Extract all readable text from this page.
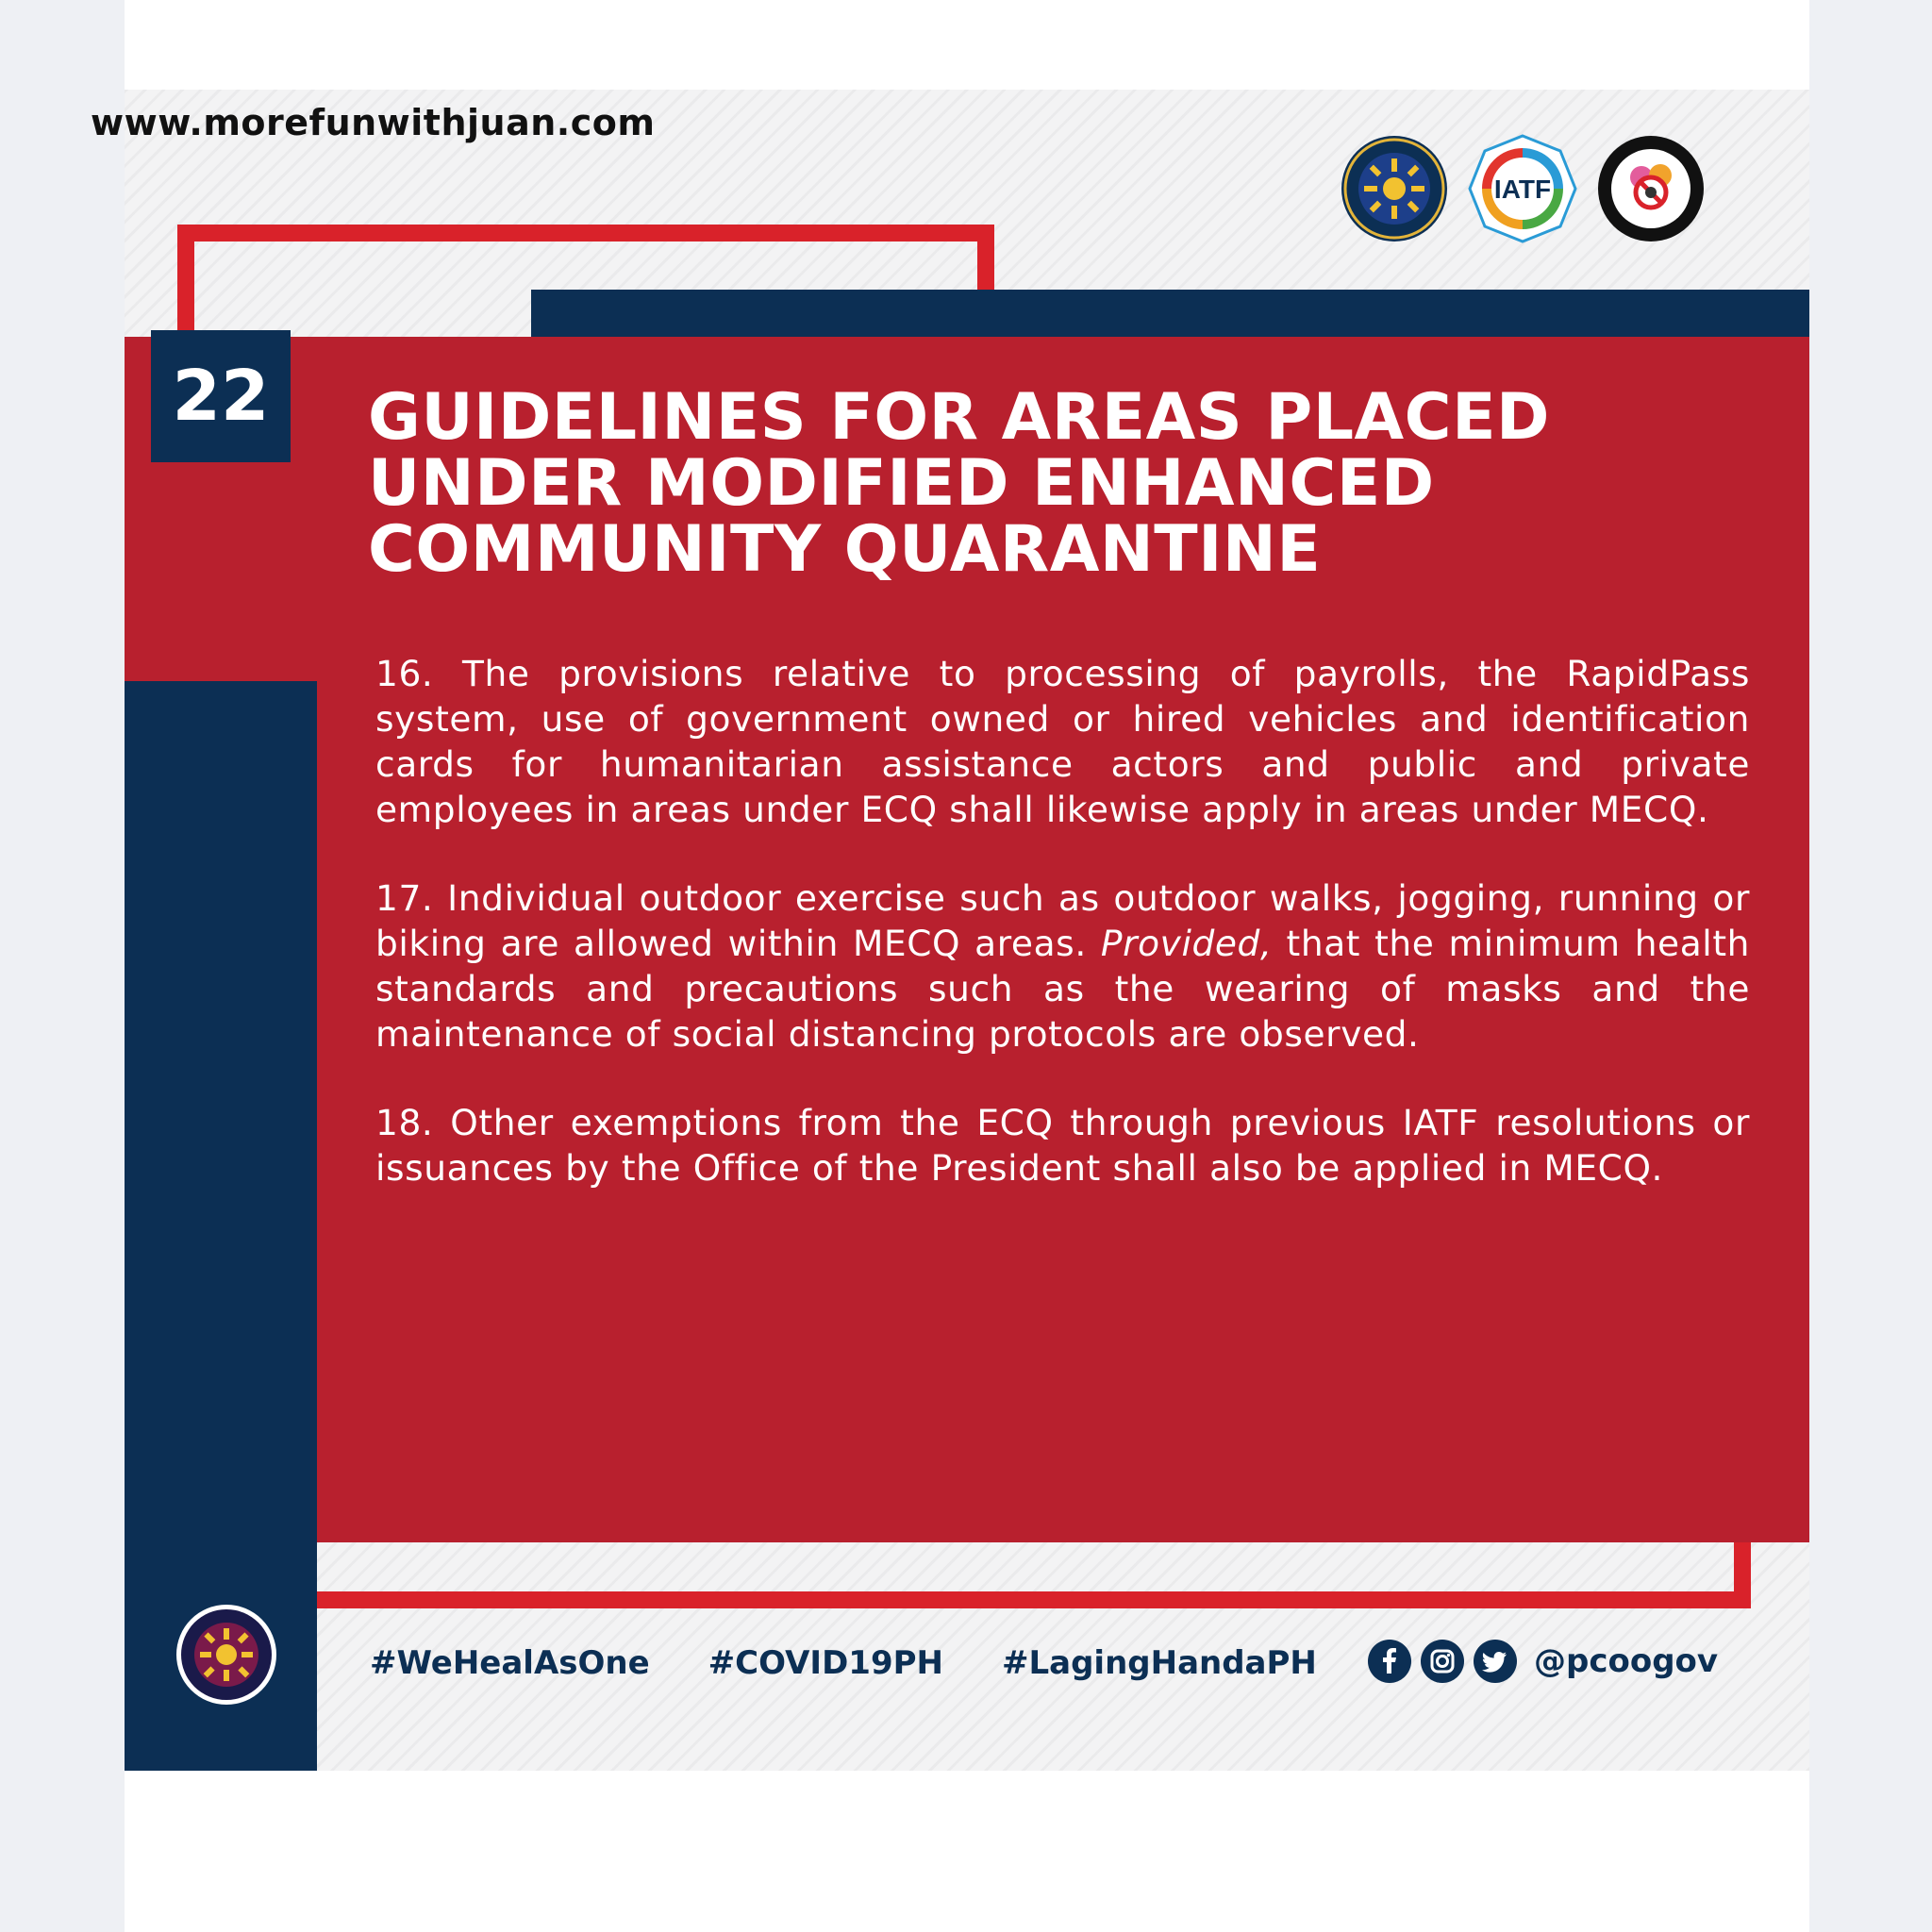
www.morefunwithjuan.com
IATF
22	GUIDELINES FOR AREAS PLACED
UNDER MODIFIED ENHANCED
COMMUNITY QUARANTINE

16. The provisions relative to processing of payrolls, the RapidPass system, use of government owned or hired vehicles and identification cards for humanitarian assistance actors and public and private employees in areas under ECQ shall likewise apply in areas under MECQ.

17. Individual outdoor exercise such as outdoor walks, jogging, running or biking are allowed within MECQ areas. Provided, that the minimum health standards and precautions such as the wearing of masks and the maintenance of social distancing protocols are observed.

18. Other exemptions from the ECQ through previous IATF resolutions or issuances by the Office of the President shall also be applied in MECQ.

#WeHealAsOne #COVID19PH #LagingHandaPH	@pcoogov
